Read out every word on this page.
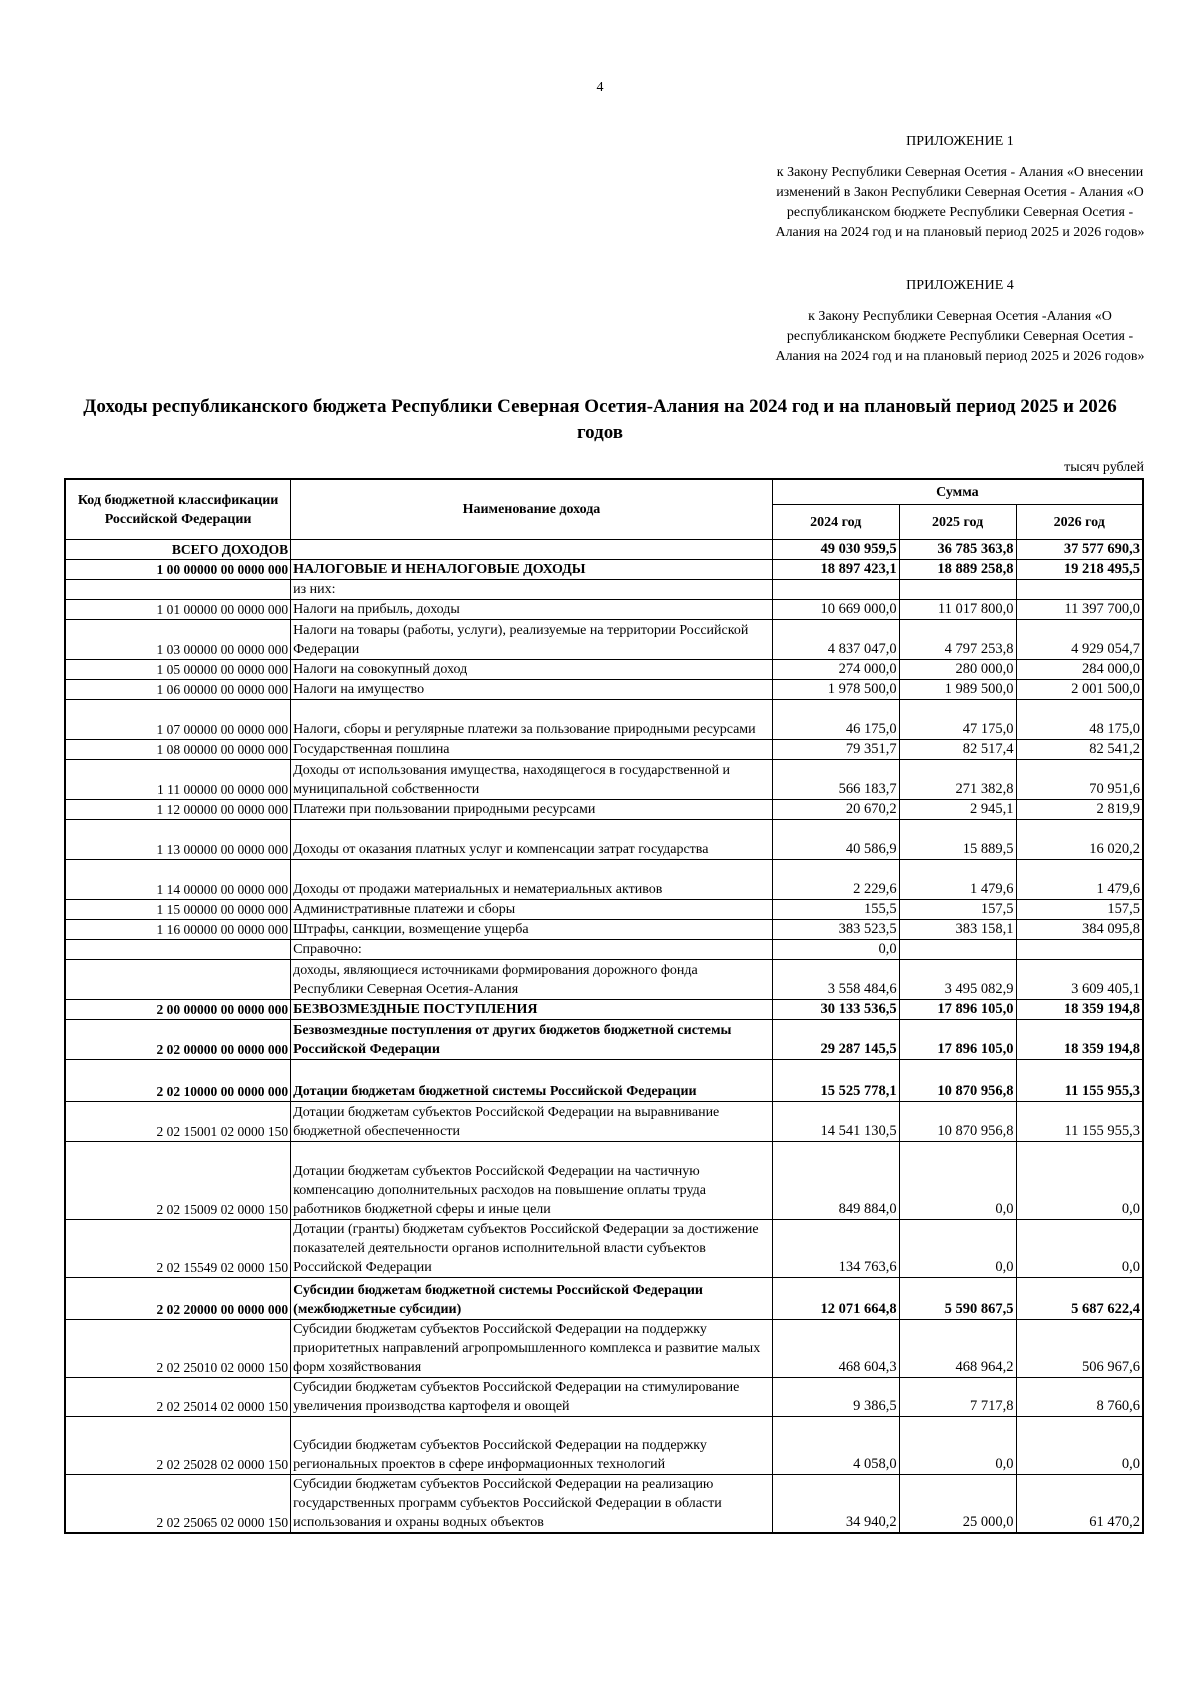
4
ПРИЛОЖЕНИЕ 1
к Закону Республики Северная Осетия - Алания «О внесении изменений в Закон Республики Северная Осетия - Алания «О республиканском бюджете Республики Северная Осетия - Алания на 2024 год и на плановый период 2025 и 2026 годов»
ПРИЛОЖЕНИЕ 4
к Закону Республики Северная Осетия -Алания «О республиканском бюджете Республики Северная Осетия - Алания на 2024 год и на плановый период 2025 и 2026 годов»
Доходы республиканского бюджета Республики Северная Осетия-Алания на 2024 год и на плановый период 2025 и 2026 годов
тысяч рублей
Код бюджетной классификации Российской Федерации	Наименование дохода	Сумма		
		2024 год	2025 год	2026 год
ВСЕГО ДОХОДОВ		49 030 959,5	36 785 363,8	37 577 690,3
1 00 00000 00 0000 000	НАЛОГОВЫЕ И НЕНАЛОГОВЫЕ ДОХОДЫ	18 897 423,1	18 889 258,8	19 218 495,5
	из них:			
1 01 00000 00 0000 000	Налоги на прибыль, доходы	10 669 000,0	11 017 800,0	11 397 700,0
1 03 00000 00 0000 000	Налоги на товары (работы, услуги), реализуемые на территории Российской Федерации	4 837 047,0	4 797 253,8	4 929 054,7
1 05 00000 00 0000 000	Налоги на совокупный доход	274 000,0	280 000,0	284 000,0
1 06 00000 00 0000 000	Налоги на имущество	1 978 500,0	1 989 500,0	2 001 500,0
1 07 00000 00 0000 000	Налоги, сборы и регулярные платежи за пользование природными ресурсами	46 175,0	47 175,0	48 175,0
1 08 00000 00 0000 000	Государственная пошлина	79 351,7	82 517,4	82 541,2
1 11 00000 00 0000 000	Доходы от использования имущества, находящегося в государственной и муниципальной собственности	566 183,7	271 382,8	70 951,6
1 12 00000 00 0000 000	Платежи при пользовании природными ресурсами	20 670,2	2 945,1	2 819,9
1 13 00000 00 0000 000	Доходы от оказания платных услуг и компенсации затрат государства	40 586,9	15 889,5	16 020,2
1 14 00000 00 0000 000	Доходы от продажи материальных и нематериальных активов	2 229,6	1 479,6	1 479,6
1 15 00000 00 0000 000	Административные платежи и сборы	155,5	157,5	157,5
1 16 00000 00 0000 000	Штрафы, санкции, возмещение ущерба	383 523,5	383 158,1	384 095,8
	Справочно:	0,0		
	доходы, являющиеся источниками формирования дорожного фонда Республики Северная Осетия-Алания	3 558 484,6	3 495 082,9	3 609 405,1
2 00 00000 00 0000 000	БЕЗВОЗМЕЗДНЫЕ ПОСТУПЛЕНИЯ	30 133 536,5	17 896 105,0	18 359 194,8
2 02 00000 00 0000 000	Безвозмездные поступления от других бюджетов бюджетной системы Российской Федерации	29 287 145,5	17 896 105,0	18 359 194,8
2 02 10000 00 0000 000	Дотации бюджетам бюджетной системы Российской Федерации	15 525 778,1	10 870 956,8	11 155 955,3
2 02 15001 02 0000 150	Дотации бюджетам субъектов Российской Федерации на выравнивание бюджетной обеспеченности	14 541 130,5	10 870 956,8	11 155 955,3
2 02 15009 02 0000 150	Дотации бюджетам субъектов Российской Федерации на частичную компенсацию дополнительных расходов на повышение оплаты труда работников бюджетной сферы и иные цели	849 884,0	0,0	0,0
2 02 15549 02 0000 150	Дотации (гранты) бюджетам субъектов Российской Федерации за достижение показателей деятельности органов исполнительной власти субъектов Российской Федерации	134 763,6	0,0	0,0
2 02 20000 00 0000 000	Субсидии бюджетам бюджетной системы Российской Федерации (межбюджетные субсидии)	12 071 664,8	5 590 867,5	5 687 622,4
2 02 25010 02 0000 150	Субсидии бюджетам субъектов Российской Федерации на поддержку приоритетных направлений агропромышленного комплекса и развитие малых форм хозяйствования	468 604,3	468 964,2	506 967,6
2 02 25014 02 0000 150	Субсидии бюджетам субъектов Российской Федерации на стимулирование увеличения производства картофеля и овощей	9 386,5	7 717,8	8 760,6
2 02 25028 02 0000 150	Субсидии бюджетам субъектов Российской Федерации на поддержку региональных проектов в сфере информационных технологий	4 058,0	0,0	0,0
2 02 25065 02 0000 150	Субсидии бюджетам субъектов Российской Федерации на реализацию государственных программ субъектов Российской Федерации в области использования и охраны водных объектов	34 940,2	25 000,0	61 470,2
